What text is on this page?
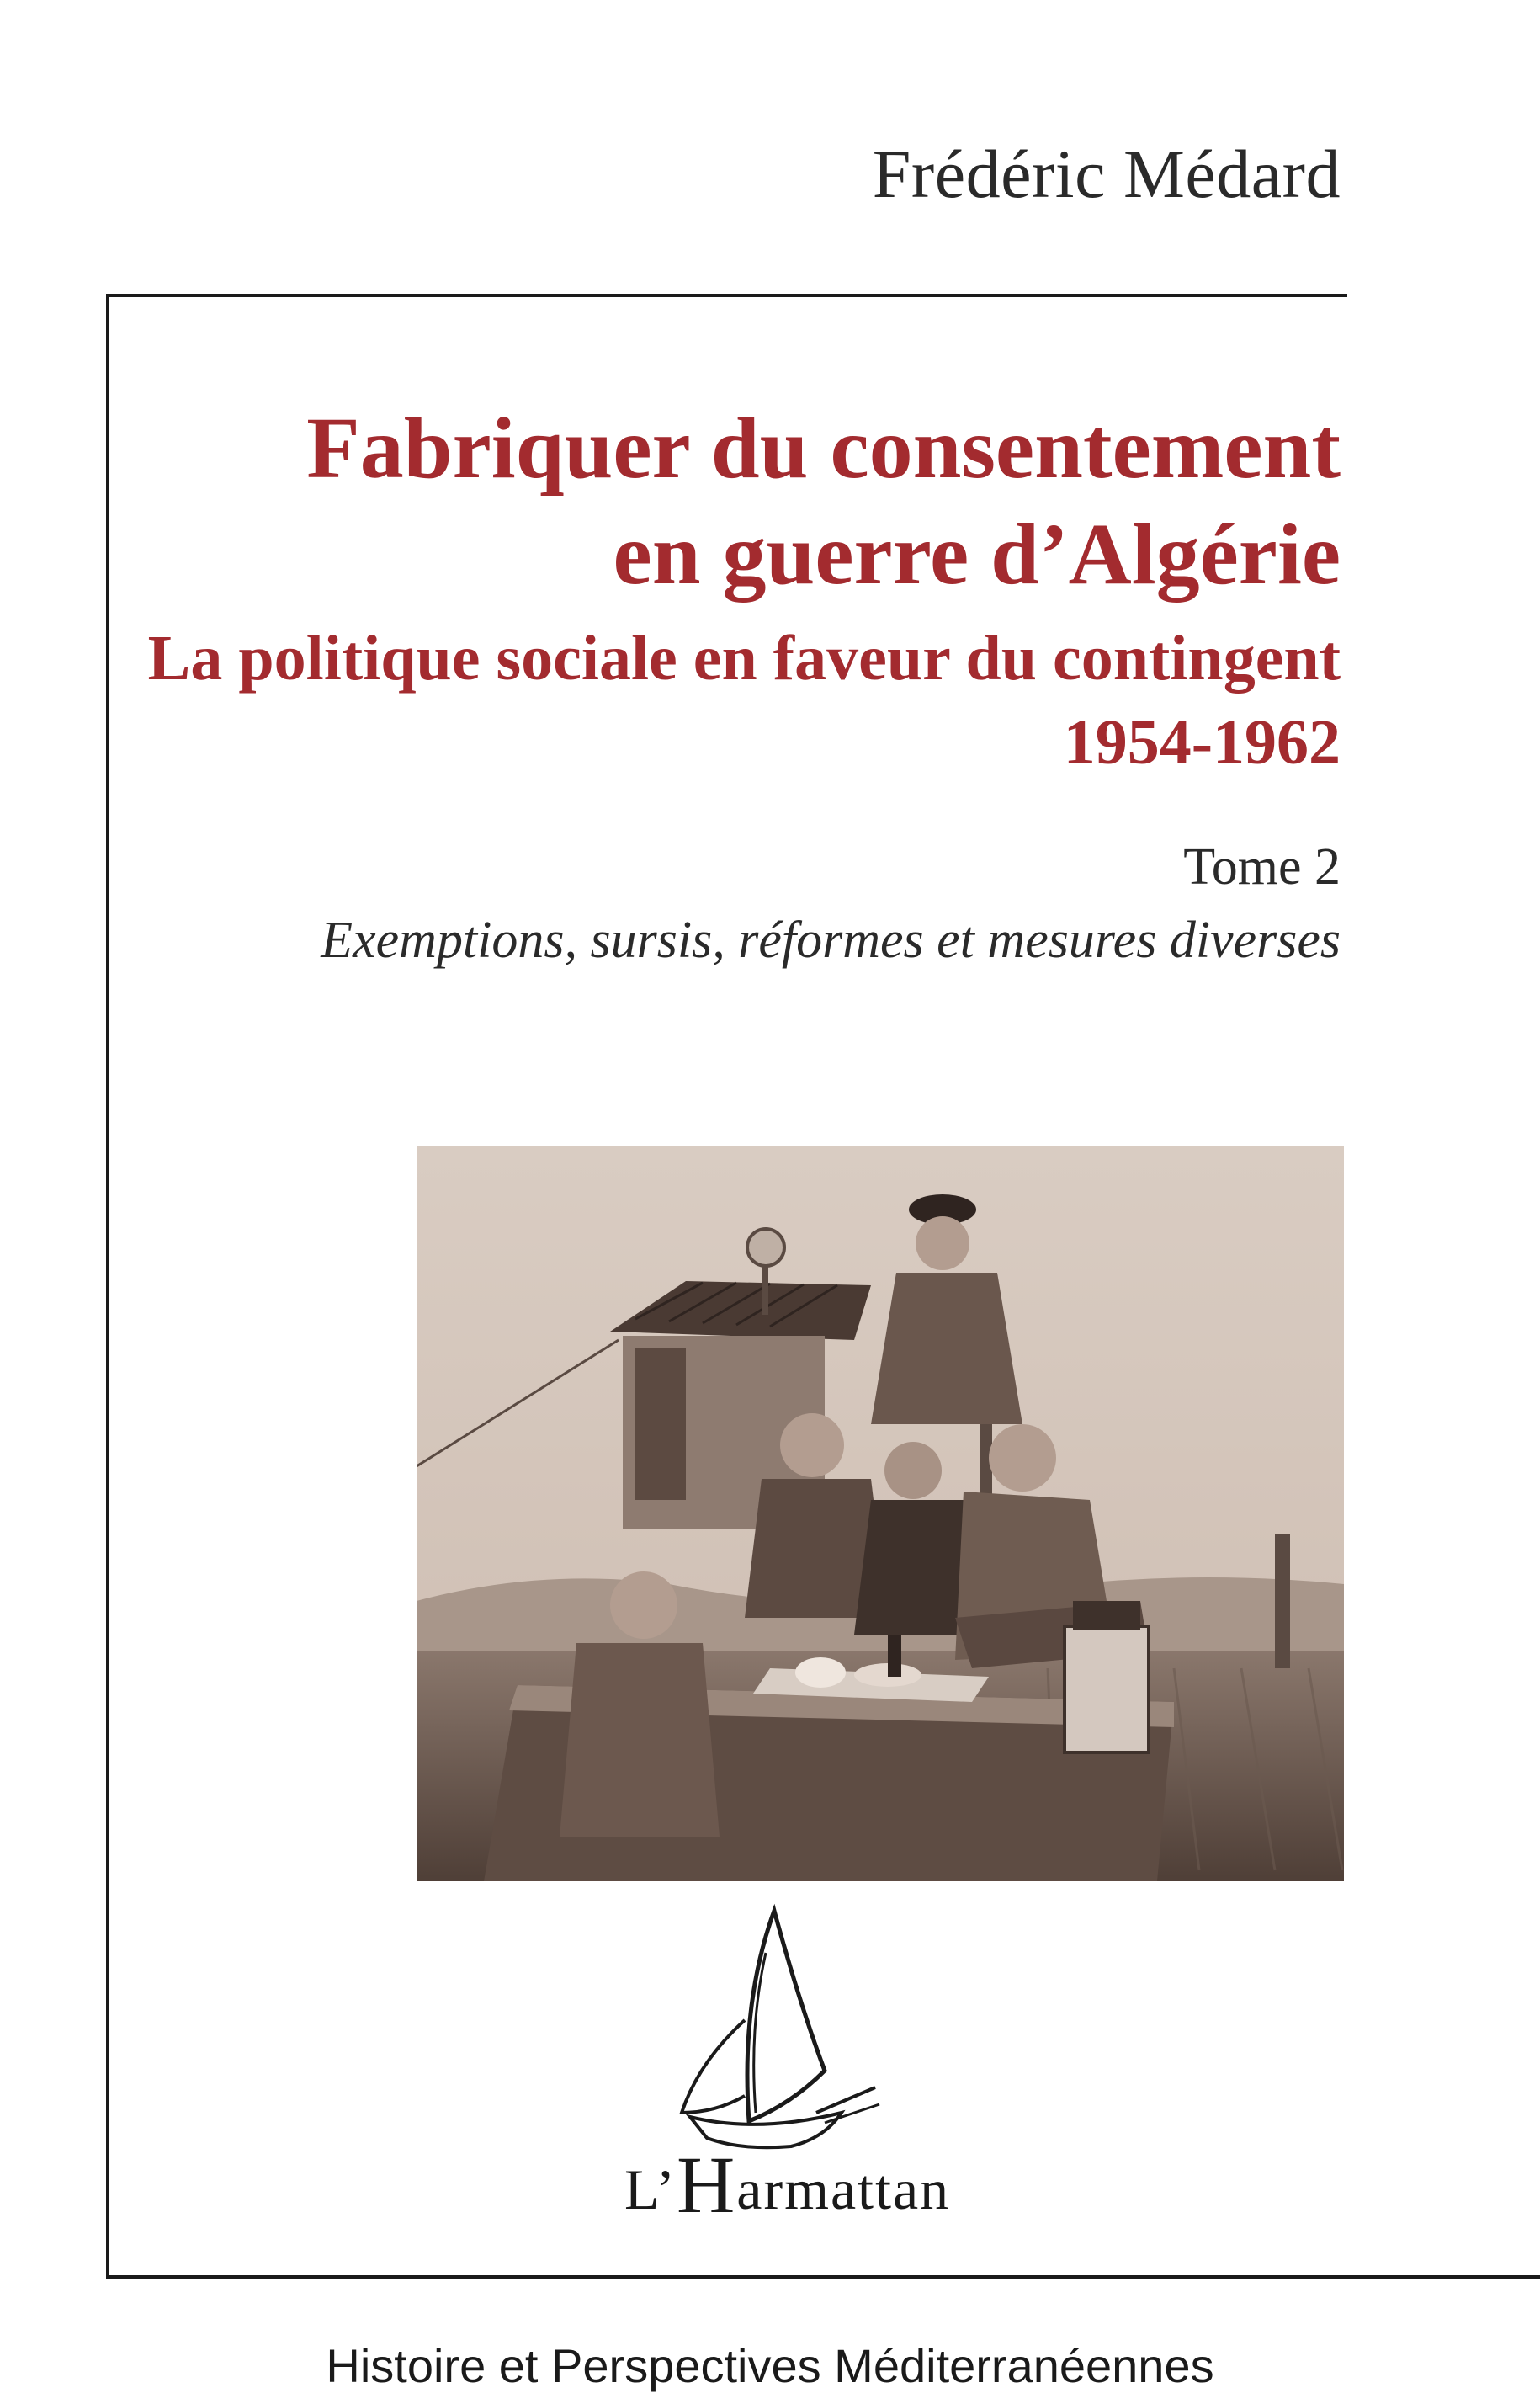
Frédéric Médard
Fabriquer du consentement
en guerre d’Algérie
La politique sociale en faveur du contingent
1954-1962
Tome 2
Exemptions, sursis, réformes et mesures diverses
L’Harmattan
Histoire et Perspectives Méditerranéennes
